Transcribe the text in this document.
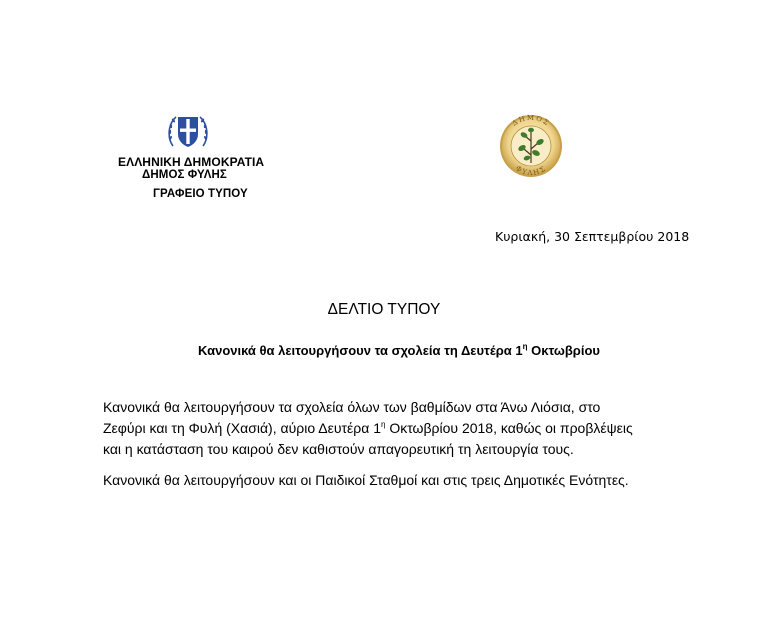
ΕΛΛΗΝΙΚΗ ΔΗΜΟΚΡΑΤΙΑ
ΔΗΜΟΣ ΦΥΛΗΣ
ΓΡΑΦΕΙΟ ΤΥΠΟΥ
ΔΗΜΟΣ
ΦΥΛΗΣ
Κυριακή, 30 Σεπτεμβρίου 2018
ΔΕΛΤΙΟ ΤΥΠΟΥ
Κανονικά θα λειτουργήσουν τα σχολεία τη Δευτέρα $1^\eta$ Οκτωβρίου
Κανονικά θα λειτουργήσουν τα σχολεία όλων των βαθμίδων στα Άνω Λιόσια, στο
Ζεφύρι και τη Φυλή (Χασιά), αύριο Δευτέρα $1^\eta$ Οκτωβρίου 2018, καθώς οι προβλέψεις
και η κατάσταση του καιρού δεν καθιστούν απαγορευτική τη λειτουργία τους.
Κανονικά θα λειτουργήσουν και οι Παιδικοί Σταθμοί και στις τρεις Δημοτικές Ενότητες.
